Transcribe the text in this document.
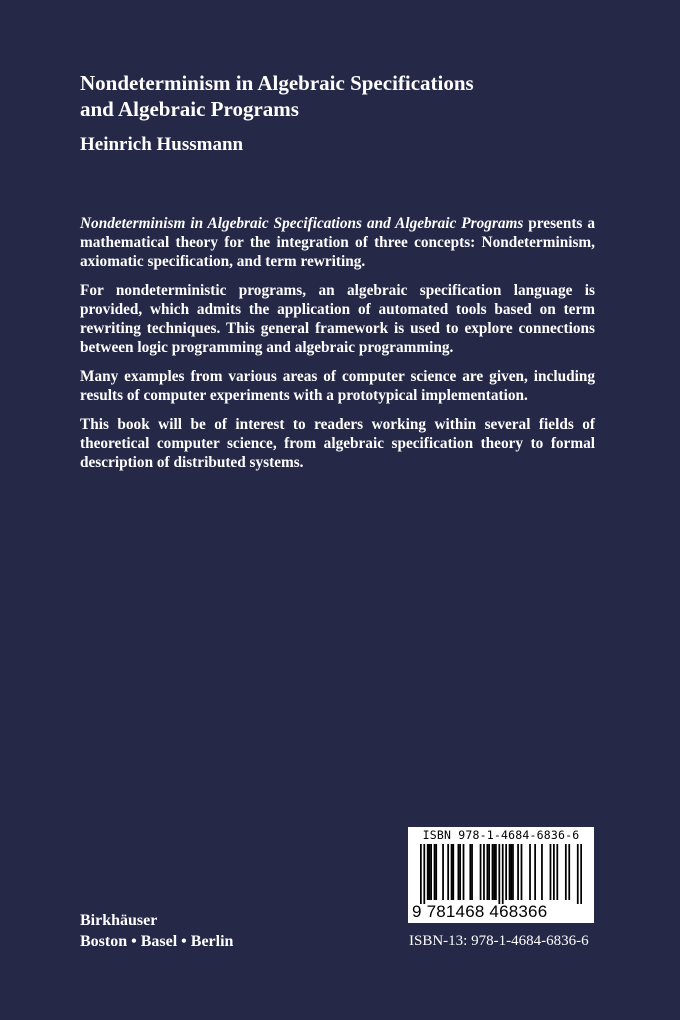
Nondeterminism in Algebraic Specifications
and Algebraic Programs
Heinrich Hussmann

Nondeterminism in Algebraic Specifications and Algebraic Programs presents a mathematical theory for the integration of three concepts: Nondeterminism, axiomatic specification, and term rewriting.

For nondeterministic programs, an algebraic specification language is provided, which admits the application of automated tools based on term rewriting techniques. This general framework is used to explore connections between logic programming and algebraic programming.

Many examples from various areas of computer science are given, including results of computer experiments with a prototypical implementation.

This book will be of interest to readers working within several fields of theoretical computer science, from algebraic specification theory to formal description of distributed systems.

Birkhäuser
Boston • Basel • Berlin
ISBN 978-1-4684-6836-6
9 781468 468366
ISBN-13: 978-1-4684-6836-6
